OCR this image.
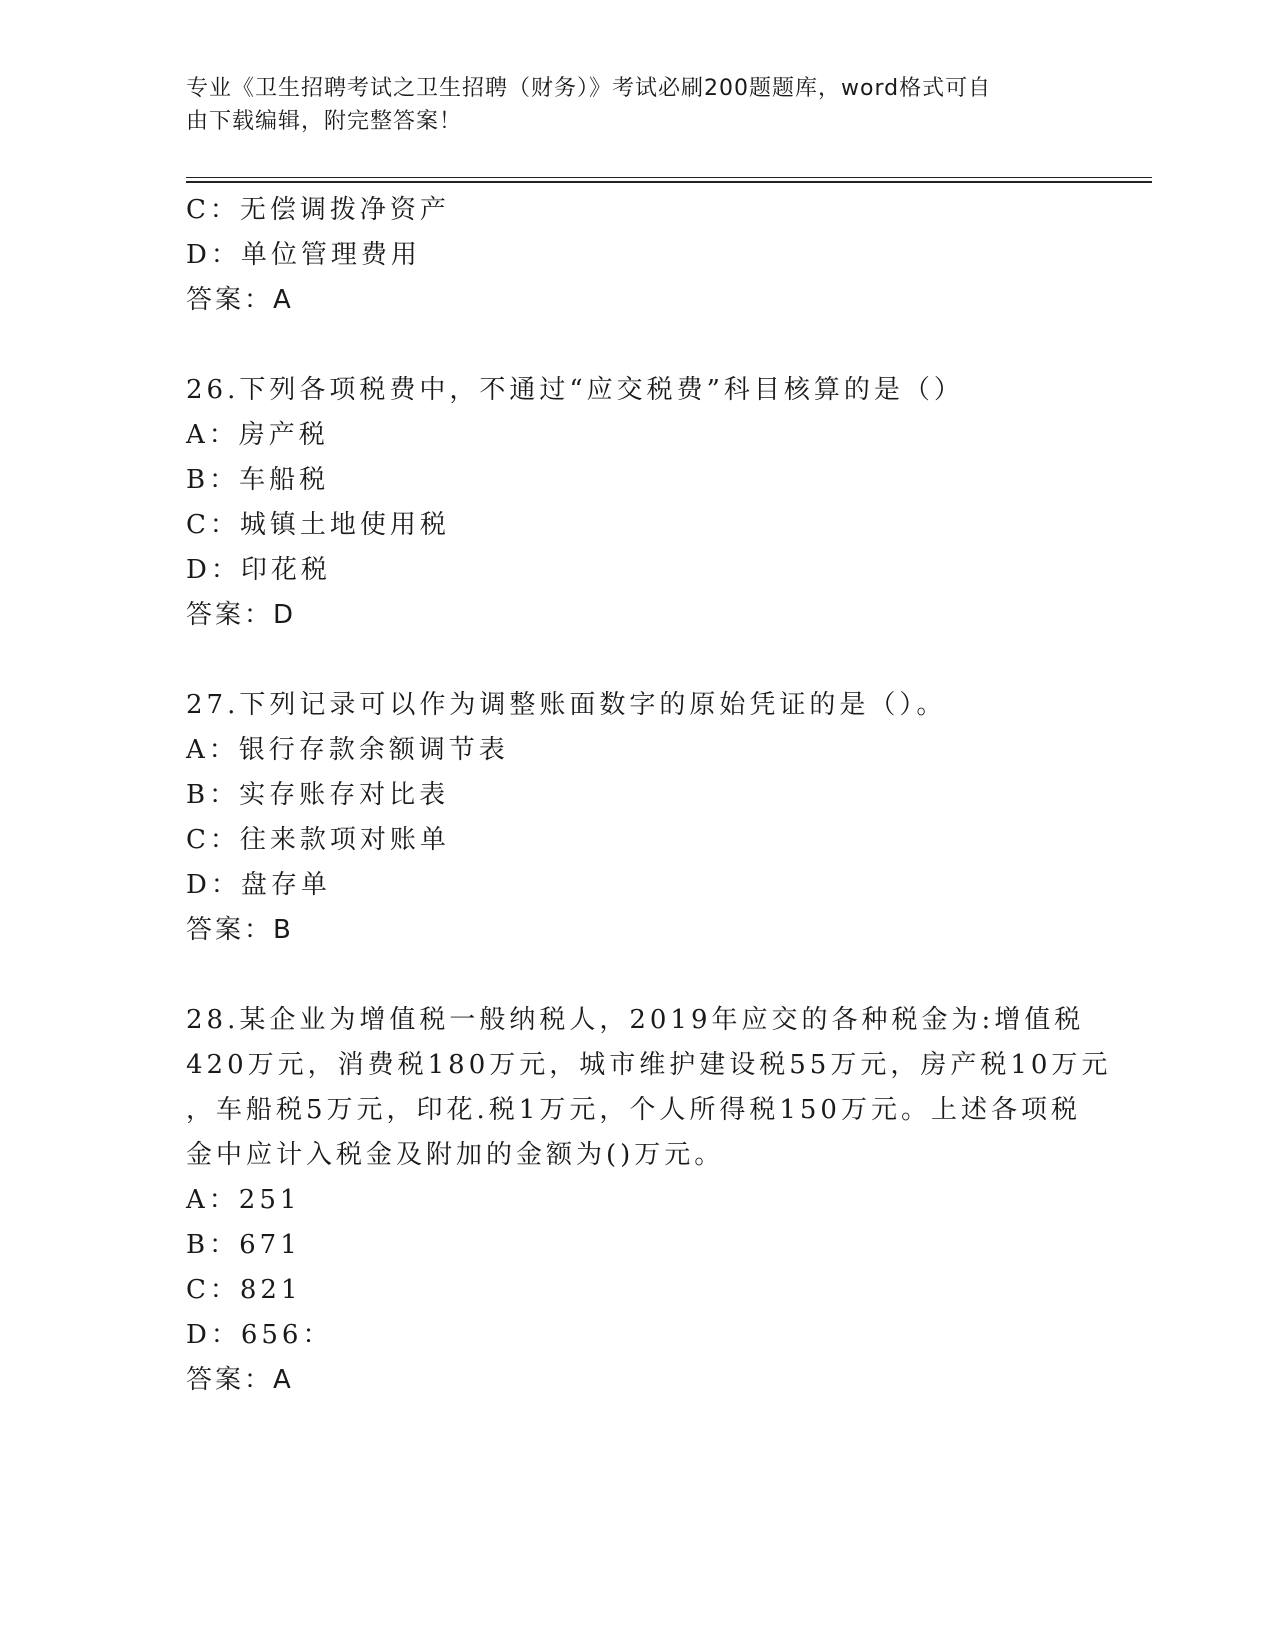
专业《卫生招聘考试之卫生招聘（财务）》考试必刷200题题库，word格式可自
由下载编辑，附完整答案！
C：无偿调拨净资产
D：单位管理费用
答案：A
26.下列各项税费中，不通过“应交税费”科目核算的是（）
A：房产税
B：车船税
C：城镇土地使用税
D：印花税
答案：D
27.下列记录可以作为调整账面数字的原始凭证的是（）。
A：银行存款余额调节表
B：实存账存对比表
C：往来款项对账单
D：盘存单
答案：B
28.某企业为增值税一般纳税人，2019年应交的各种税金为:增值税
420万元，消费税180万元，城市维护建设税55万元，房产税10万元
，车船税5万元，印花.税1万元，个人所得税150万元。上述各项税
金中应计入税金及附加的金额为()万元。
A：251
B：671
C：821
D：656：
答案：A
